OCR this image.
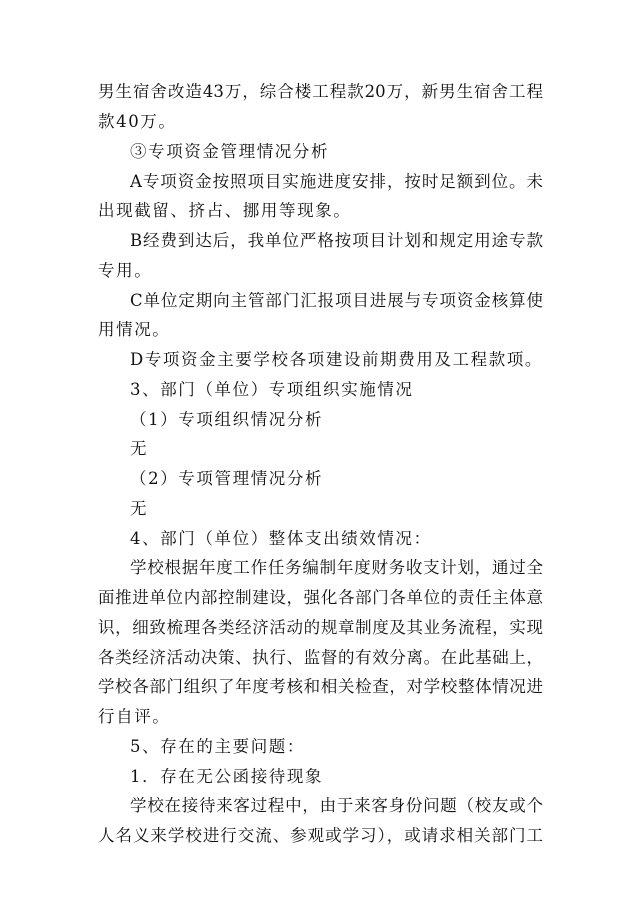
男生宿舍改造43万，综合楼工程款20万，新男生宿舍工程
款40万。
③专项资金管理情况分析
A专项资金按照项目实施进度安排，按时足额到位。未
出现截留、挤占、挪用等现象。
B经费到达后，我单位严格按项目计划和规定用途专款
专用。
C单位定期向主管部门汇报项目进展与专项资金核算使
用情况。
D专项资金主要学校各项建设前期费用及工程款项。
3、部门（单位）专项组织实施情况
（1）专项组织情况分析
无
（2）专项管理情况分析
无
4、部门（单位）整体支出绩效情况：
学校根据年度工作任务编制年度财务收支计划，通过全
面推进单位内部控制建设，强化各部门各单位的责任主体意
识，细致梳理各类经济活动的规章制度及其业务流程，实现
各类经济活动决策、执行、监督的有效分离。在此基础上，
学校各部门组织了年度考核和相关检查，对学校整体情况进
行自评。
5、存在的主要问题：
1．存在无公函接待现象
学校在接待来客过程中，由于来客身份问题（校友或个
人名义来学校进行交流、参观或学习），或请求相关部门工
